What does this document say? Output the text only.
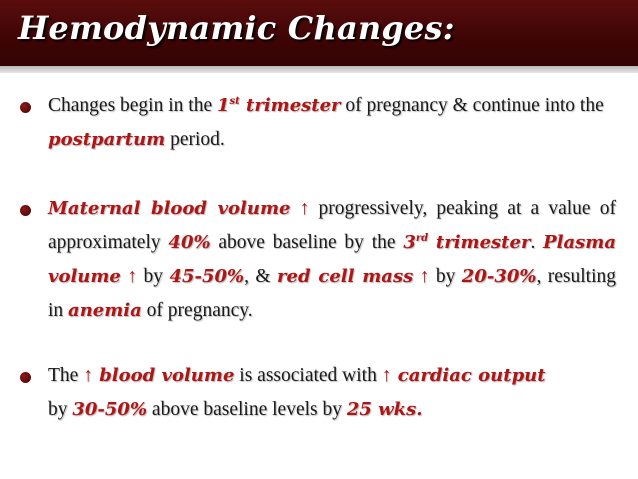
Hemodynamic Changes:
Changes begin in the 1st trimester of pregnancy & continue into the postpartum period.
Maternal blood volume ↑ progressively, peaking at a value of approximately 40% above baseline by the 3rd trimester. Plasma volume ↑ by 45-50%, & red cell mass ↑ by 20-30%, resulting in anemia of pregnancy.
The ↑ blood volume is associated with ↑ cardiac output
by 30-50% above baseline levels by 25 wks.
